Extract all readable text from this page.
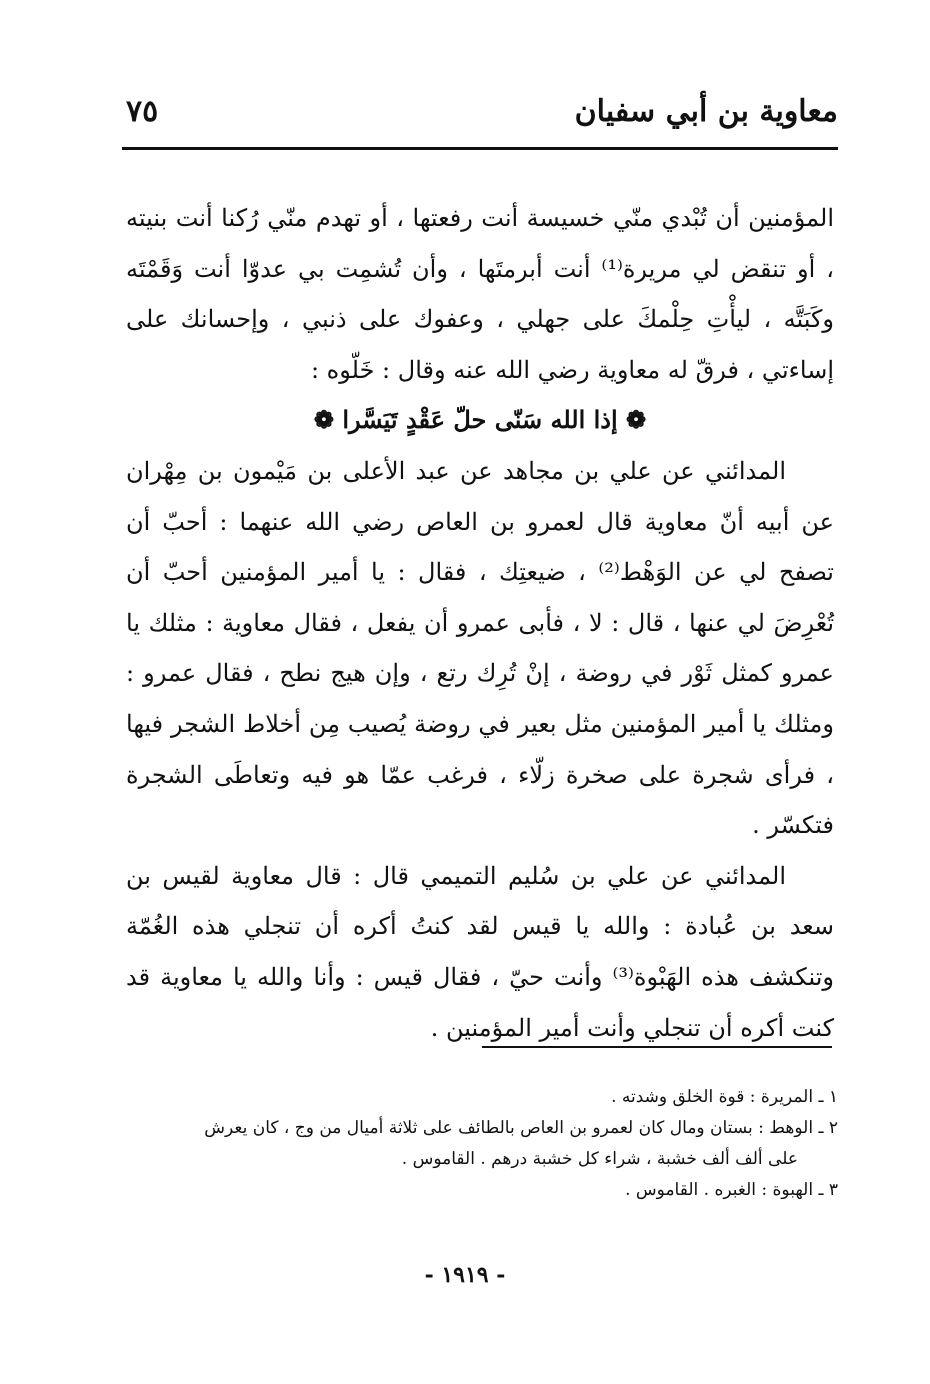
معاوية بن أبي سفيان
٧٥

المؤمنين أن تُبْدي منّي خسيسة أنت رفعتها ، أو تهدم منّي رُكنا أنت بنيته ، أو تنقض لي مريرة⁽¹⁾ أنت أبرمتَها ، وأن تُشمِت بي عدوّا أنت وَقَمْتَه وكَبَتَّه ، ليأْتِ حِلْمكَ على جهلي ، وعفوك على ذنبي ، وإحسانك على إساءتي ، فرقّ له معاوية رضي الله عنه وقال : خَلّوه :

❁ إذا الله سَنّى حلّ عَقْدٍ تَيَسَّرا ❁

المدائني عن علي بن مجاهد عن عبد الأعلى بن مَيْمون بن مِهْران عن أبيه أنّ معاوية قال لعمرو بن العاص رضي الله عنهما : أحبّ أن تصفح لي عن الوَهْط⁽²⁾ ، ضيعتِك ، فقال : يا أمير المؤمنين أحبّ أن تُعْرِضَ لي عنها ، قال : لا ، فأبى عمرو أن يفعل ، فقال معاوية : مثلك يا عمرو كمثل ثَوْر في روضة ، إنْ تُرِك رتع ، وإن هيج نطح ، فقال عمرو : ومثلك يا أمير المؤمنين مثل بعير في روضة يُصيب مِن أخلاط الشجر فيها ، فرأى شجرة على صخرة زلّاء ، فرغب عمّا هو فيه وتعاطَى الشجرة فتكسّر .

المدائني عن علي بن سُليم التميمي قال : قال معاوية لقيس بن سعد بن عُبادة : والله يا قيس لقد كنتُ أكره أن تنجلي هذه الغُمّة وتنكشف هذه الهَبْوة⁽³⁾ وأنت حيّ ، فقال قيس : وأنا والله يا معاوية قد كنت أكره أن تنجلي وأنت أمير المؤمنين .

١ ـ المريرة : قوة الخلق وشدته .

٢ ـ الوهط : بستان ومال كان لعمرو بن العاص بالطائف على ثلاثة أميال من وج ، كان يعرش

على ألف ألف خشبة ، شراء كل خشبة درهم . القاموس .

٣ ـ الهبوة : الغبره . القاموس .

- ١٩١٩ -
